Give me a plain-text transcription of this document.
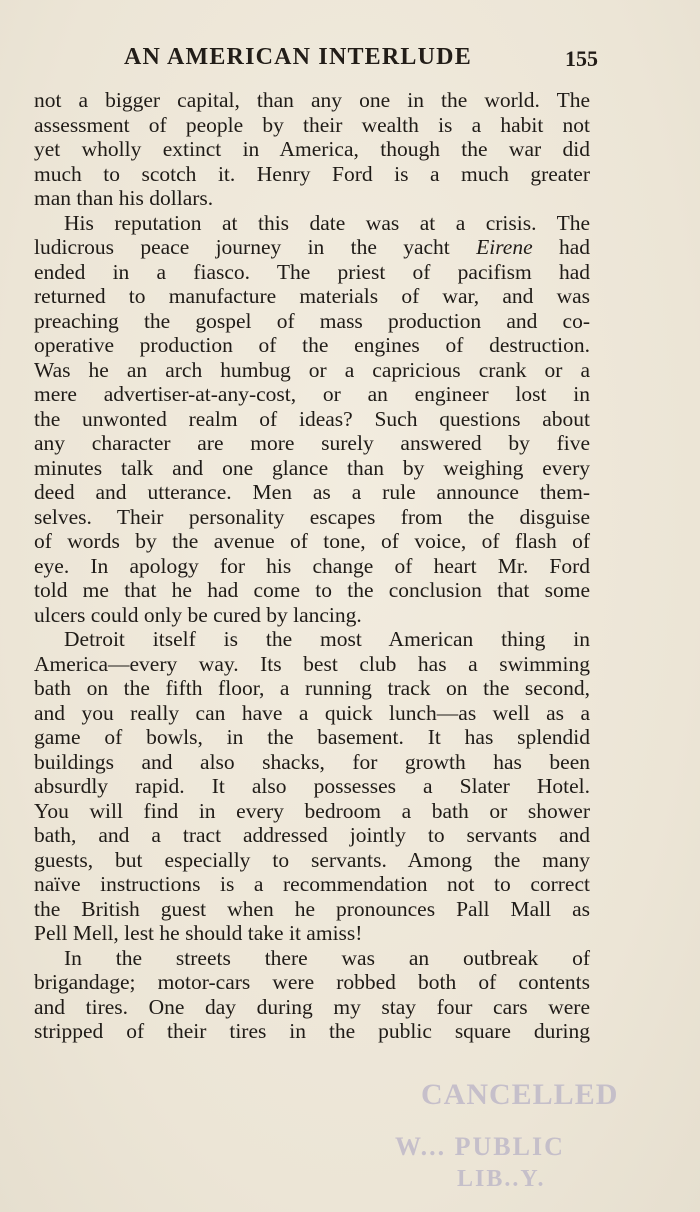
AN AMERICAN INTERLUDE	155
not a bigger capital, than any one in the world. The
assessment of people by their wealth is a habit not
yet wholly extinct in America, though the war did
much to scotch it. Henry Ford is a much greater
man than his dollars.
His reputation at this date was at a crisis. The
ludicrous peace journey in the yacht Eirene had
ended in a fiasco. The priest of pacifism had
returned to manufacture materials of war, and was
preaching the gospel of mass production and co-
operative production of the engines of destruction.
Was he an arch humbug or a capricious crank or a
mere advertiser-at-any-cost, or an engineer lost in
the unwonted realm of ideas? Such questions about
any character are more surely answered by five
minutes talk and one glance than by weighing every
deed and utterance. Men as a rule announce them-
selves. Their personality escapes from the disguise
of words by the avenue of tone, of voice, of flash of
eye. In apology for his change of heart Mr. Ford
told me that he had come to the conclusion that some
ulcers could only be cured by lancing.
Detroit itself is the most American thing in
America—every way. Its best club has a swimming
bath on the fifth floor, a running track on the second,
and you really can have a quick lunch—as well as a
game of bowls, in the basement. It has splendid
buildings and also shacks, for growth has been
absurdly rapid. It also possesses a Slater Hotel.
You will find in every bedroom a bath or shower
bath, and a tract addressed jointly to servants and
guests, but especially to servants. Among the many
naïve instructions is a recommendation not to correct
the British guest when he pronounces Pall Mall as
Pell Mell, lest he should take it amiss!
In the streets there was an outbreak of
brigandage; motor-cars were robbed both of contents
and tires. One day during my stay four cars were
stripped of their tires in the public square during
CANCELLED
W... PUBLIC
LIB..Y.
